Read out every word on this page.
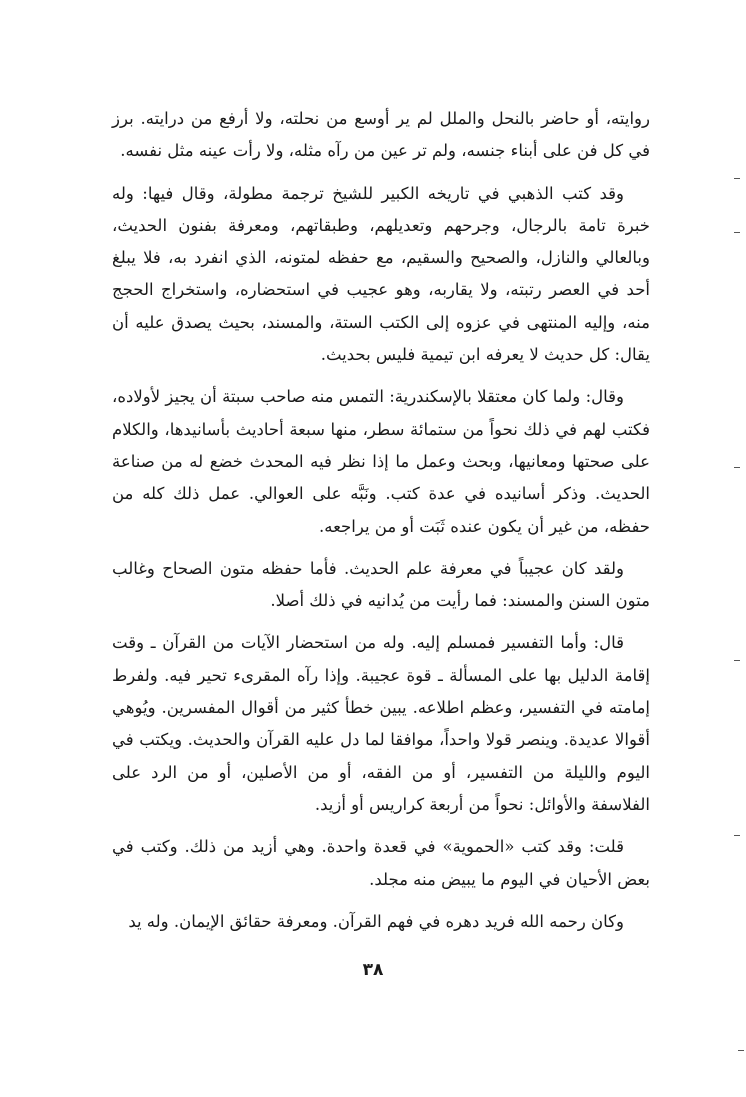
روايته، أو حاضر بالنحل والملل لم ير أوسع من نحلته، ولا أرفع من درايته. برز في كل فن على أبناء جنسه، ولم تر عين من رآه مثله، ولا رأت عينه مثل نفسه.

وقد كتب الذهبي في تاريخه الكبير للشيخ ترجمة مطولة، وقال فيها: وله خبرة تامة بالرجال، وجرحهم وتعديلهم، وطبقاتهم، ومعرفة بفنون الحديث، وبالعالي والنازل، والصحيح والسقيم، مع حفظه لمتونه، الذي انفرد به، فلا يبلغ أحد في العصر رتبته، ولا يقاربه، وهو عجيب في استحضاره، واستخراج الحجج منه، وإليه المنتهى في عزوه إلى الكتب الستة، والمسند، بحيث يصدق عليه أن يقال: كل حديث لا يعرفه ابن تيمية فليس بحديث.

وقال: ولما كان معتقلا بالإسكندرية: التمس منه صاحب سبتة أن يجيز لأولاده، فكتب لهم في ذلك نحواً من ستمائة سطر، منها سبعة أحاديث بأسانيدها، والكلام على صحتها ومعانيها، وبحث وعمل ما إذا نظر فيه المحدث خضع له من صناعة الحديث. وذكر أسانيده في عدة كتب. ونَبَّه على العوالي. عمل ذلك كله من حفظه، من غير أن يكون عنده ثَبَت أو من يراجعه.

ولقد كان عجيباً في معرفة علم الحديث. فأما حفظه متون الصحاح وغالب متون السنن والمسند: فما رأيت من يُدانيه في ذلك أصلا.

قال: وأما التفسير فمسلم إليه. وله من استحضار الآيات من القرآن ـ وقت إقامة الدليل بها على المسألة ـ قوة عجيبة. وإذا رآه المقرىء تحير فيه. ولفرط إمامته في التفسير، وعظم اطلاعه. يبين خطأ كثير من أقوال المفسرين. ويُوهي أقوالا عديدة. وينصر قولا واحداً، موافقا لما دل عليه القرآن والحديث. ويكتب في اليوم والليلة من التفسير، أو من الفقه، أو من الأصلين، أو من الرد على الفلاسفة والأوائل: نحواً من أربعة كراريس أو أزيد.

قلت: وقد كتب «الحموية» في قعدة واحدة. وهي أزيد من ذلك. وكتب في بعض الأحيان في اليوم ما يبيض منه مجلد.

وكان رحمه الله فريد دهره في فهم القرآن. ومعرفة حقائق الإيمان. وله يد

٣٨
